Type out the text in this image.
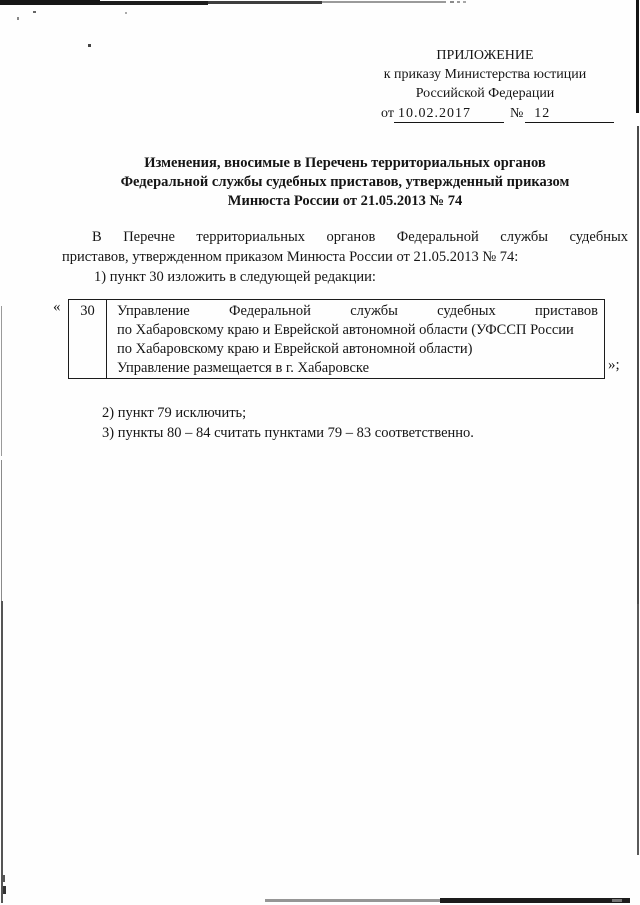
ПРИЛОЖЕНИЕ
к приказу Министерства юстиции
Российской Федерации
от 10.02.2017	№ 12
Изменения, вносимые в Перечень территориальных органов
Федеральной службы судебных приставов, утвержденный приказом
Минюста России от 21.05.2013 № 74
В Перечне территориальных органов Федеральной службы судебных
приставов, утвержденном приказом Минюста России от 21.05.2013 № 74:
1) пункт 30 изложить в следующей редакции:
«	30	Управление Федеральной службы судебных приставов
по Хабаровскому краю и Еврейской автономной области (УФССП России
по Хабаровскому краю и Еврейской автономной области)
Управление размещается в г. Хабаровске	»;
2) пункт 79 исключить;
3) пункты 80 – 84 считать пунктами 79 – 83 соответственно.
